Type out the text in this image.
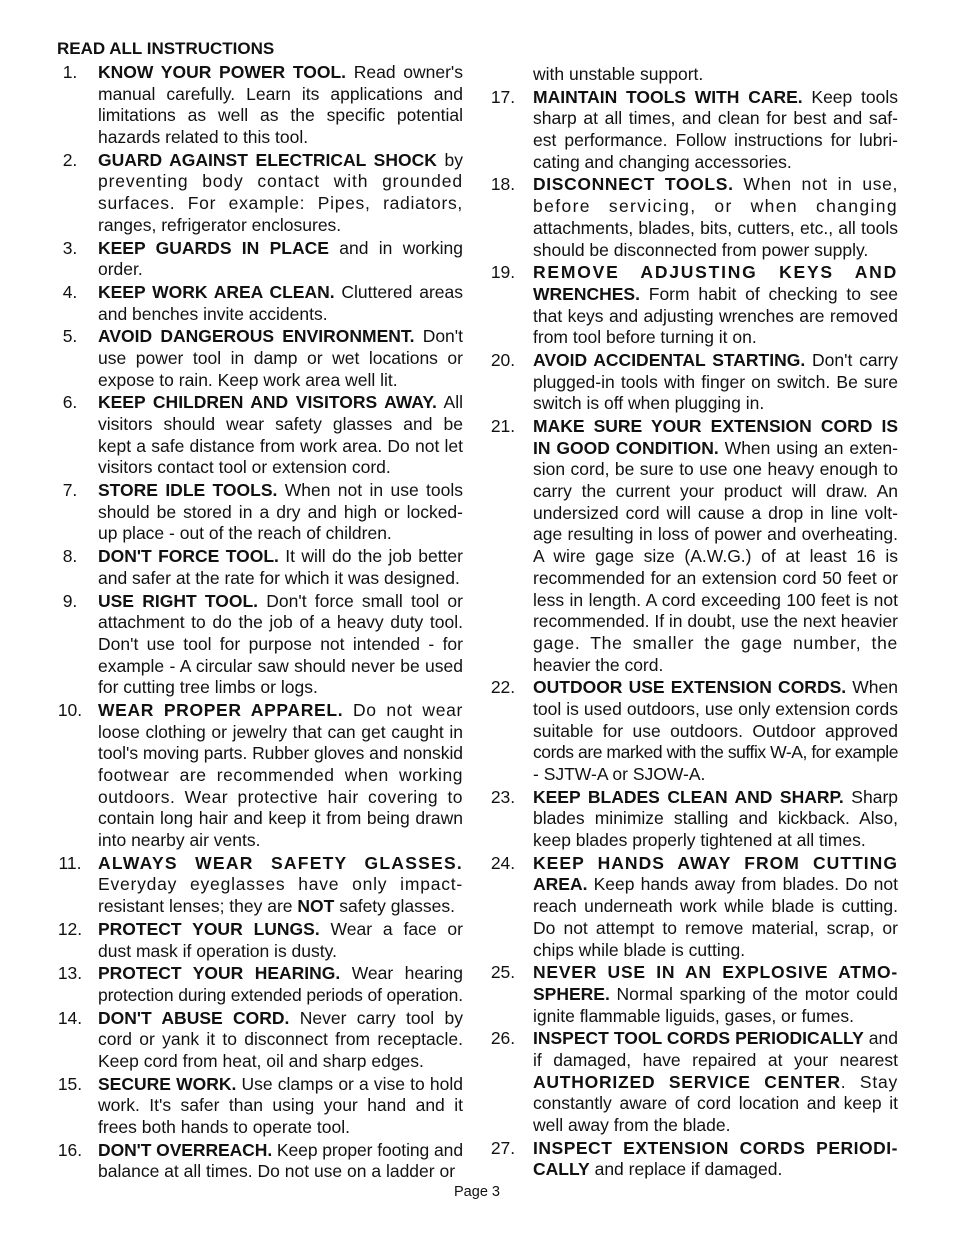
READ ALL INSTRUCTIONS
1.	KNOW YOUR POWER TOOL. Read owner's
manual carefully. Learn its applications and
limitations as well as the specific potential
hazards related to this tool.
2.	GUARD AGAINST ELECTRICAL SHOCK by
preventing body contact with grounded
surfaces. For example: Pipes, radiators,
ranges, refrigerator enclosures.
3.	KEEP GUARDS IN PLACE and in working
order.
4.	KEEP WORK AREA CLEAN. Cluttered areas
and benches invite accidents.
5.	AVOID DANGEROUS ENVIRONMENT. Don't
use power tool in damp or wet locations or
expose to rain. Keep work area well lit.
6.	KEEP CHILDREN AND VISITORS AWAY. All
visitors should wear safety glasses and be
kept a safe distance from work area. Do not let
visitors contact tool or extension cord.
7.	STORE IDLE TOOLS. When not in use tools
should be stored in a dry and high or locked-
up place - out of the reach of children.
8.	DON'T FORCE TOOL. It will do the job better
and safer at the rate for which it was designed.
9.	USE RIGHT TOOL. Don't force small tool or
attachment to do the job of a heavy duty tool.
Don't use tool for purpose not intended - for
example - A circular saw should never be used
for cutting tree limbs or logs.
10. WEAR PROPER APPAREL. Do not wear
loose clothing or jewelry that can get caught in
tool's moving parts. Rubber gloves and nonskid
footwear are recommended when working
outdoors. Wear protective hair covering to
contain long hair and keep it from being drawn
into nearby air vents.
11. ALWAYS WEAR SAFETY GLASSES.
Everyday eyeglasses have only impact-
resistant lenses; they are NOT safety glasses.
12. PROTECT YOUR LUNGS. Wear a face or
dust mask if operation is dusty.
13. PROTECT YOUR HEARING. Wear hearing
protection during extended periods of operation.
14. DON'T ABUSE CORD. Never carry tool by
cord or yank it to disconnect from receptacle.
Keep cord from heat, oil and sharp edges.
15. SECURE WORK. Use clamps or a vise to hold
work. It's safer than using your hand and it
frees both hands to operate tool.
16. DON'T OVERREACH. Keep proper footing and
balance at all times. Do not use on a ladder or
with unstable support.
17.	MAINTAIN TOOLS WITH CARE. Keep tools
sharp at all times, and clean for best and saf-
est performance. Follow instructions for lubri-
cating and changing accessories.
18.	DISCONNECT TOOLS. When not in use,
before servicing, or when changing
attachments, blades, bits, cutters, etc., all tools
should be disconnected from power supply.
19.	REMOVE ADJUSTING KEYS AND
WRENCHES. Form habit of checking to see
that keys and adjusting wrenches are removed
from tool before turning it on.
20.	AVOID ACCIDENTAL STARTING. Don't carry
plugged-in tools with finger on switch. Be sure
switch is off when plugging in.
21.	MAKE SURE YOUR EXTENSION CORD IS
IN GOOD CONDITION. When using an exten-
sion cord, be sure to use one heavy enough to
carry the current your product will draw. An
undersized cord will cause a drop in line volt-
age resulting in loss of power and overheating.
A wire gage size (A.W.G.) of at least 16 is
recommended for an extension cord 50 feet or
less in length. A cord exceeding 100 feet is not
recommended. If in doubt, use the next heavier
gage. The smaller the gage number, the
heavier the cord.
22.	OUTDOOR USE EXTENSION CORDS. When
tool is used outdoors, use only extension cords
suitable for use outdoors. Outdoor approved
cords are marked with the suffix W-A, for example
- SJTW-A or SJOW-A.
23.	KEEP BLADES CLEAN AND SHARP. Sharp
blades minimize stalling and kickback. Also,
keep blades properly tightened at all times.
24.	KEEP HANDS AWAY FROM CUTTING
AREA. Keep hands away from blades. Do not
reach underneath work while blade is cutting.
Do not attempt to remove material, scrap, or
chips while blade is cutting.
25.	NEVER USE IN AN EXPLOSIVE ATMO-
SPHERE. Normal sparking of the motor could
ignite flammable liguids, gases, or fumes.
26.	INSPECT TOOL CORDS PERIODICALLY and
if damaged, have repaired at your nearest
AUTHORIZED SERVICE CENTER. Stay
constantly aware of cord location and keep it
well away from the blade.
27.	INSPECT EXTENSION CORDS PERIODI-
CALLY and replace if damaged.
Page 3
